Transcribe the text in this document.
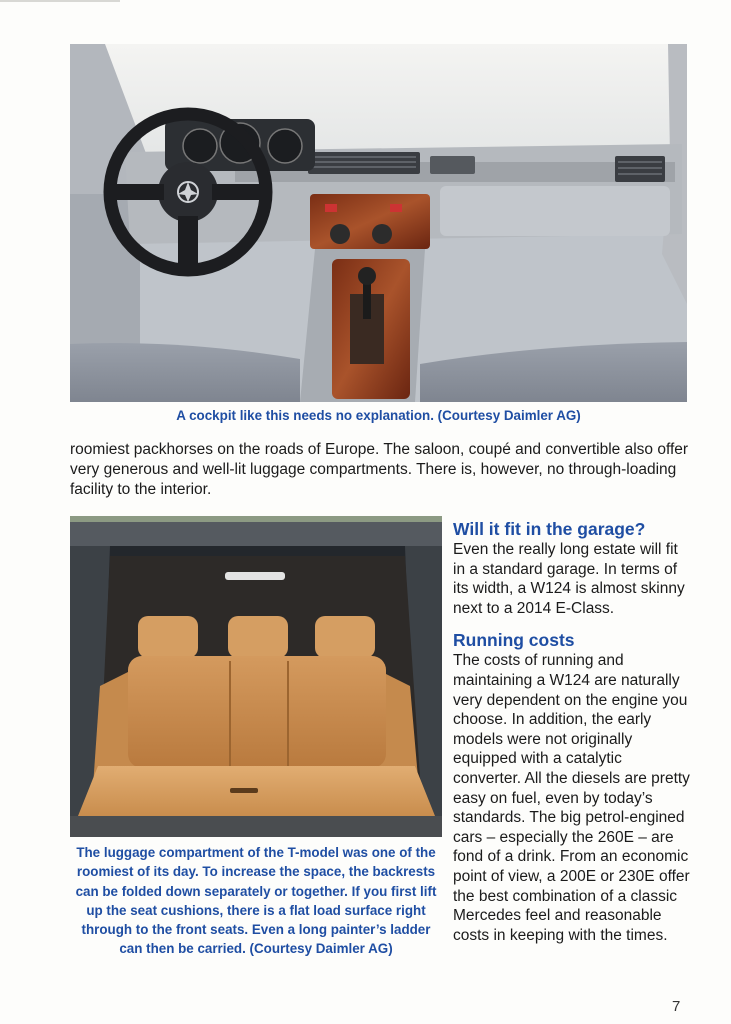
A cockpit like this needs no explanation. (Courtesy Daimler AG)

roomiest packhorses on the roads of Europe. The saloon, coupé and convertible also offer very generous and well-lit luggage compartments. There is, however, no through-loading facility to the interior.

The luggage compartment of the T-model was one of the roomiest of its day. To increase the space, the backrests can be folded down separately or together. If you first lift up the seat cushions, there is a flat load surface right through to the front seats. Even a long painter’s ladder can then be carried. (Courtesy Daimler AG)

Will it fit in the garage?

Even the really long estate will fit in a standard garage. In terms of its width, a W124 is almost skinny next to a 2014 E-Class.

Running costs

The costs of running and maintaining a W124 are naturally very dependent on the engine you choose. In addition, the early models were not originally equipped with a catalytic converter. All the diesels are pretty easy on fuel, even by today’s standards. The big petrol-engined cars – especially the 260E – are fond of a drink. From an economic point of view, a 200E or 230E offer the best combination of a classic Mercedes feel and reasonable costs in keeping with the times.

7
